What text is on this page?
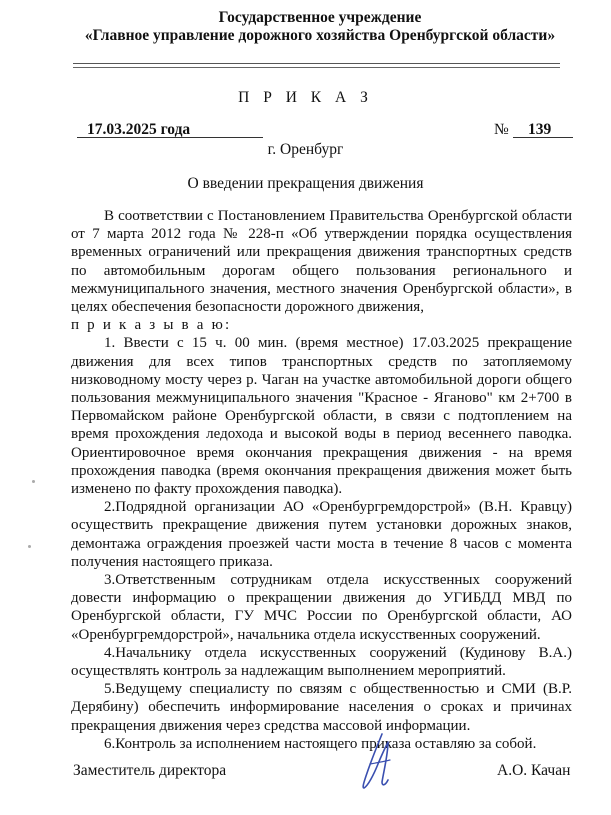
Государственное учреждение
«Главное управление дорожного хозяйства Оренбургской области»
П Р И К А З
17.03.2025 года	№ 139
г. Оренбург
О введении прекращения движения

В соответствии с Постановлением Правительства Оренбургской области от 7 марта 2012 года № 228-п «Об утверждении порядка осуществления временных ограничений или прекращения движения транспортных средств по автомобильным дорогам общего пользования регионального и межмуниципального значения, местного значения Оренбургской области», в целях обеспечения безопасности дорожного движения,

п р и к а з ы в а ю:

1. Ввести с 15 ч. 00 мин. (время местное) 17.03.2025 прекращение движения для всех типов транспортных средств по затопляемому низководному мосту через р. Чаган на участке автомобильной дороги общего пользования межмуниципального значения "Красное - Яганово" км 2+700 в Первомайском районе Оренбургской области, в связи с подтоплением на время прохождения ледохода и высокой воды в период весеннего паводка. Ориентировочное время окончания прекращения движения - на время прохождения паводка (время окончания прекращения движения может быть изменено по факту прохождения паводка).

2.Подрядной организации АО «Оренбургремдорстрой» (В.Н. Кравцу) осуществить прекращение движения путем установки дорожных знаков, демонтажа ограждения проезжей части моста в течение 8 часов с момента получения настоящего приказа.

3.Ответственным сотрудникам отдела искусственных сооружений довести информацию о прекращении движения до УГИБДД МВД по Оренбургской области, ГУ МЧС России по Оренбургской области, АО «Оренбургремдорстрой», начальника отдела искусственных сооружений.

4.Начальнику отдела искусственных сооружений (Кудинову В.А.) осуществлять контроль за надлежащим выполнением мероприятий.

5.Ведущему специалисту по связям с общественностью и СМИ (В.Р. Дерябину) обеспечить информирование населения о сроках и причинах прекращения движения через средства массовой информации.

6.Контроль за исполнением настоящего приказа оставляю за собой.

Заместитель директора	А.О. Качан
